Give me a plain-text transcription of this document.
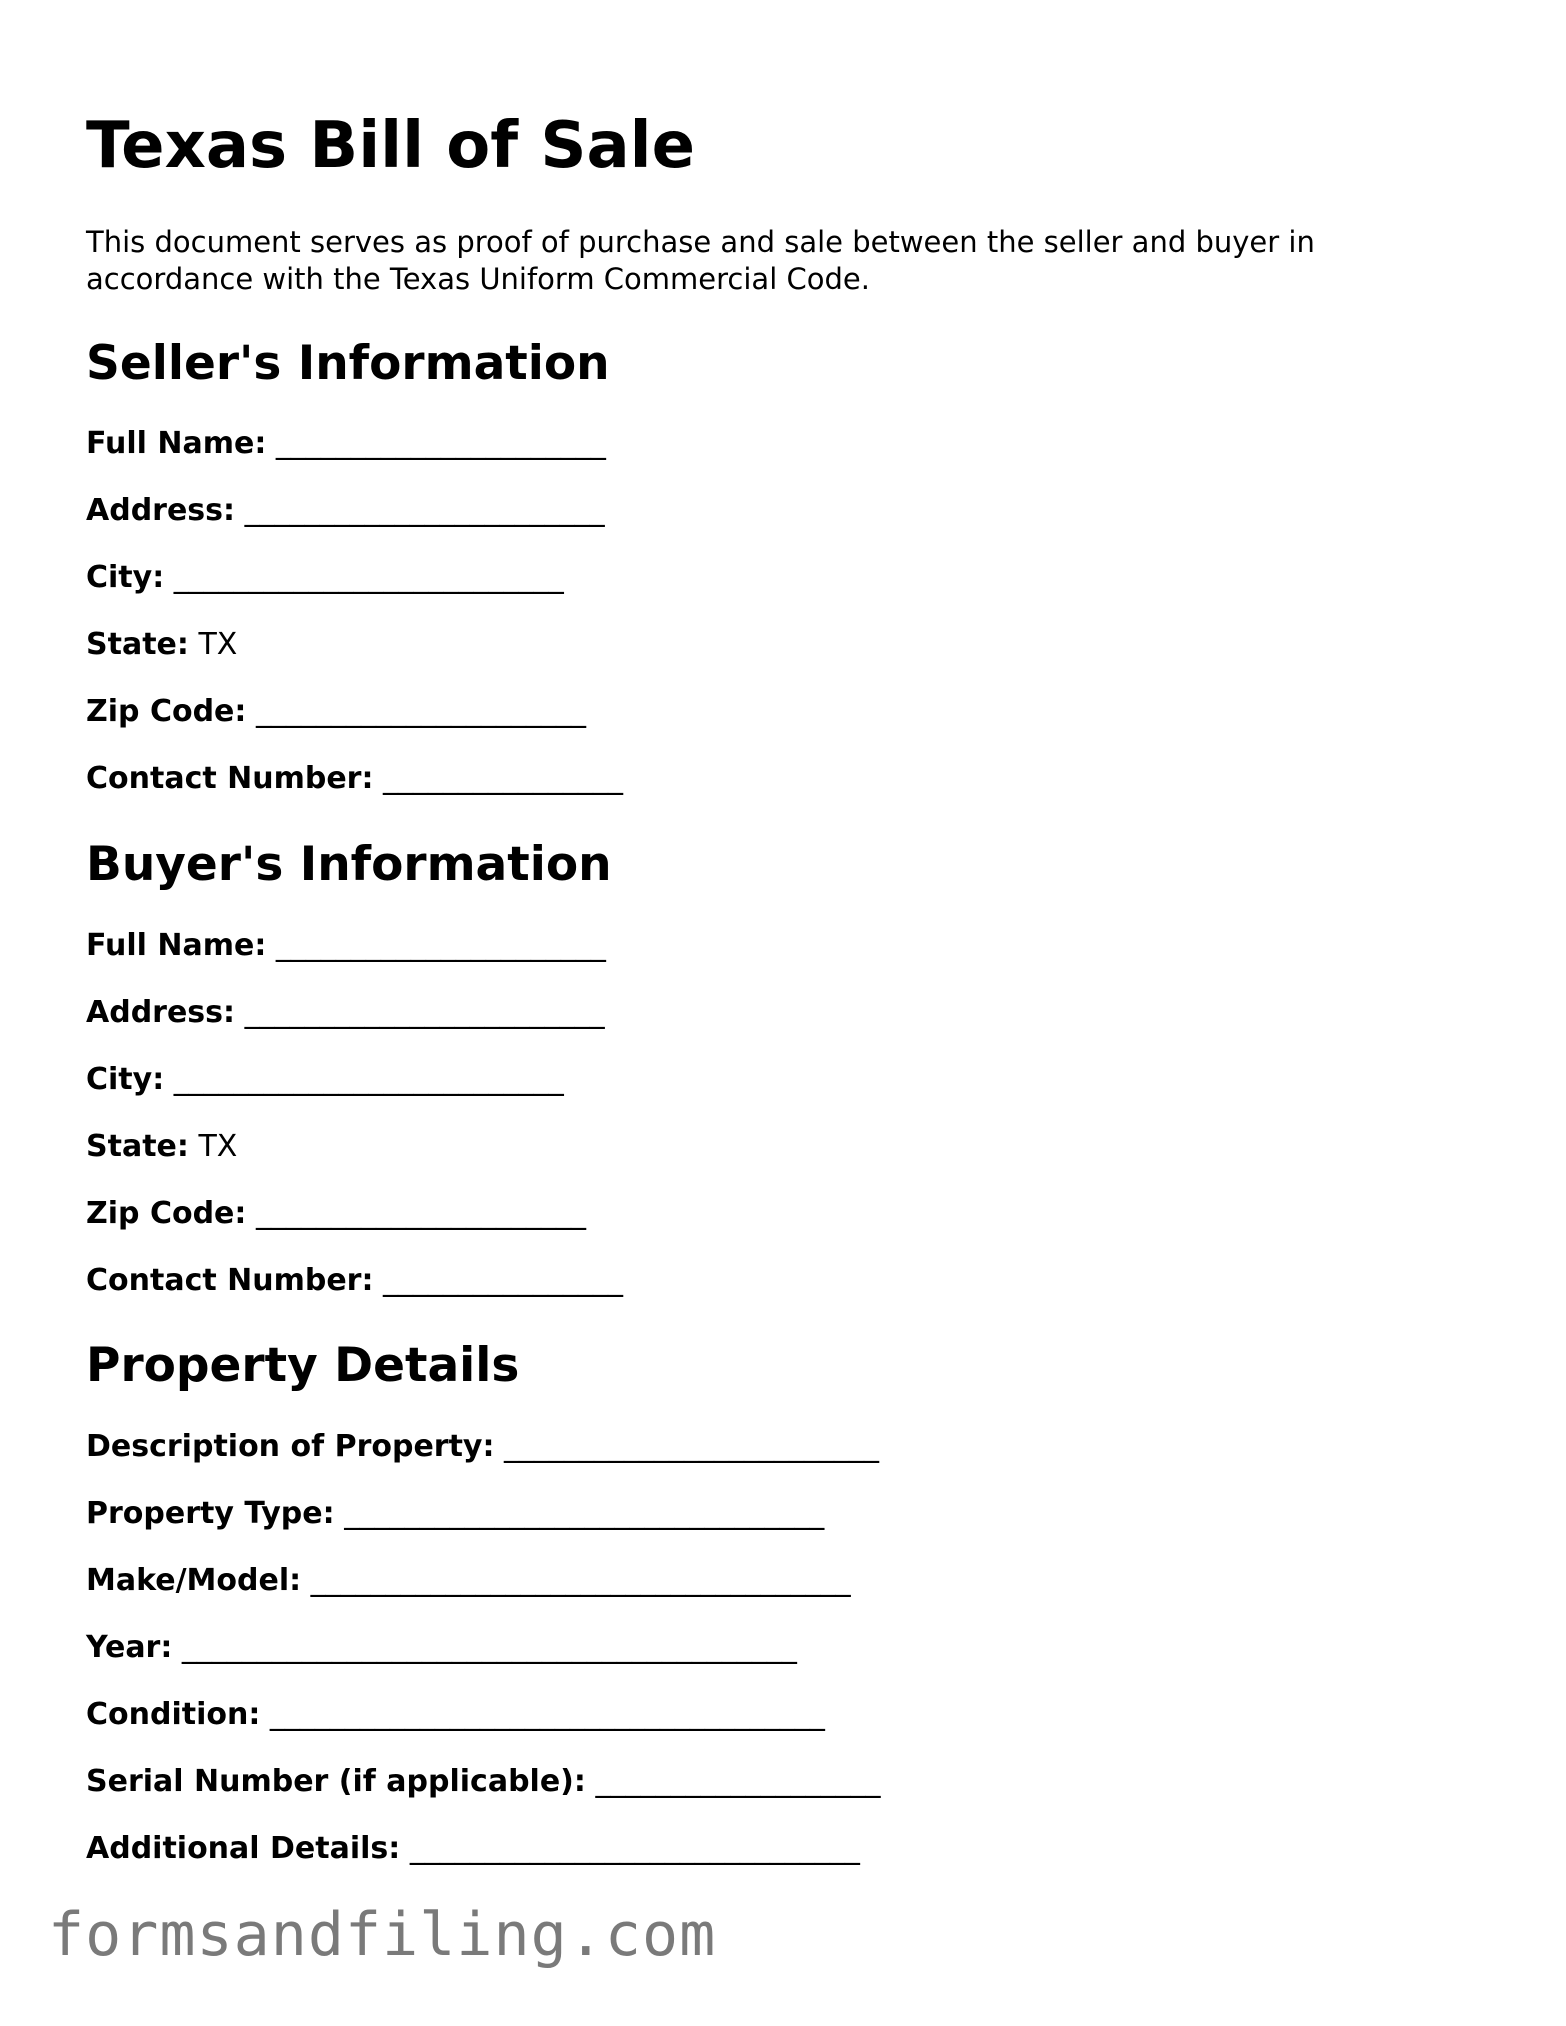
Texas Bill of Sale

This document serves as proof of purchase and sale between the seller and buyer in accordance with the Texas Uniform Commercial Code.

Seller's Information
Full Name: ______________________
Address: ________________________
City: __________________________
State: TX
Zip Code: ______________________
Contact Number: ________________
Buyer's Information
Full Name: ______________________
Address: ________________________
City: __________________________
State: TX
Zip Code: ______________________
Contact Number: ________________
Property Details
Description of Property: _________________________
Property Type: ________________________________
Make/Model: ____________________________________
Year: _________________________________________
Condition: _____________________________________
Serial Number (if applicable): ___________________
Additional Details: ______________________________
formsandfiling.com
